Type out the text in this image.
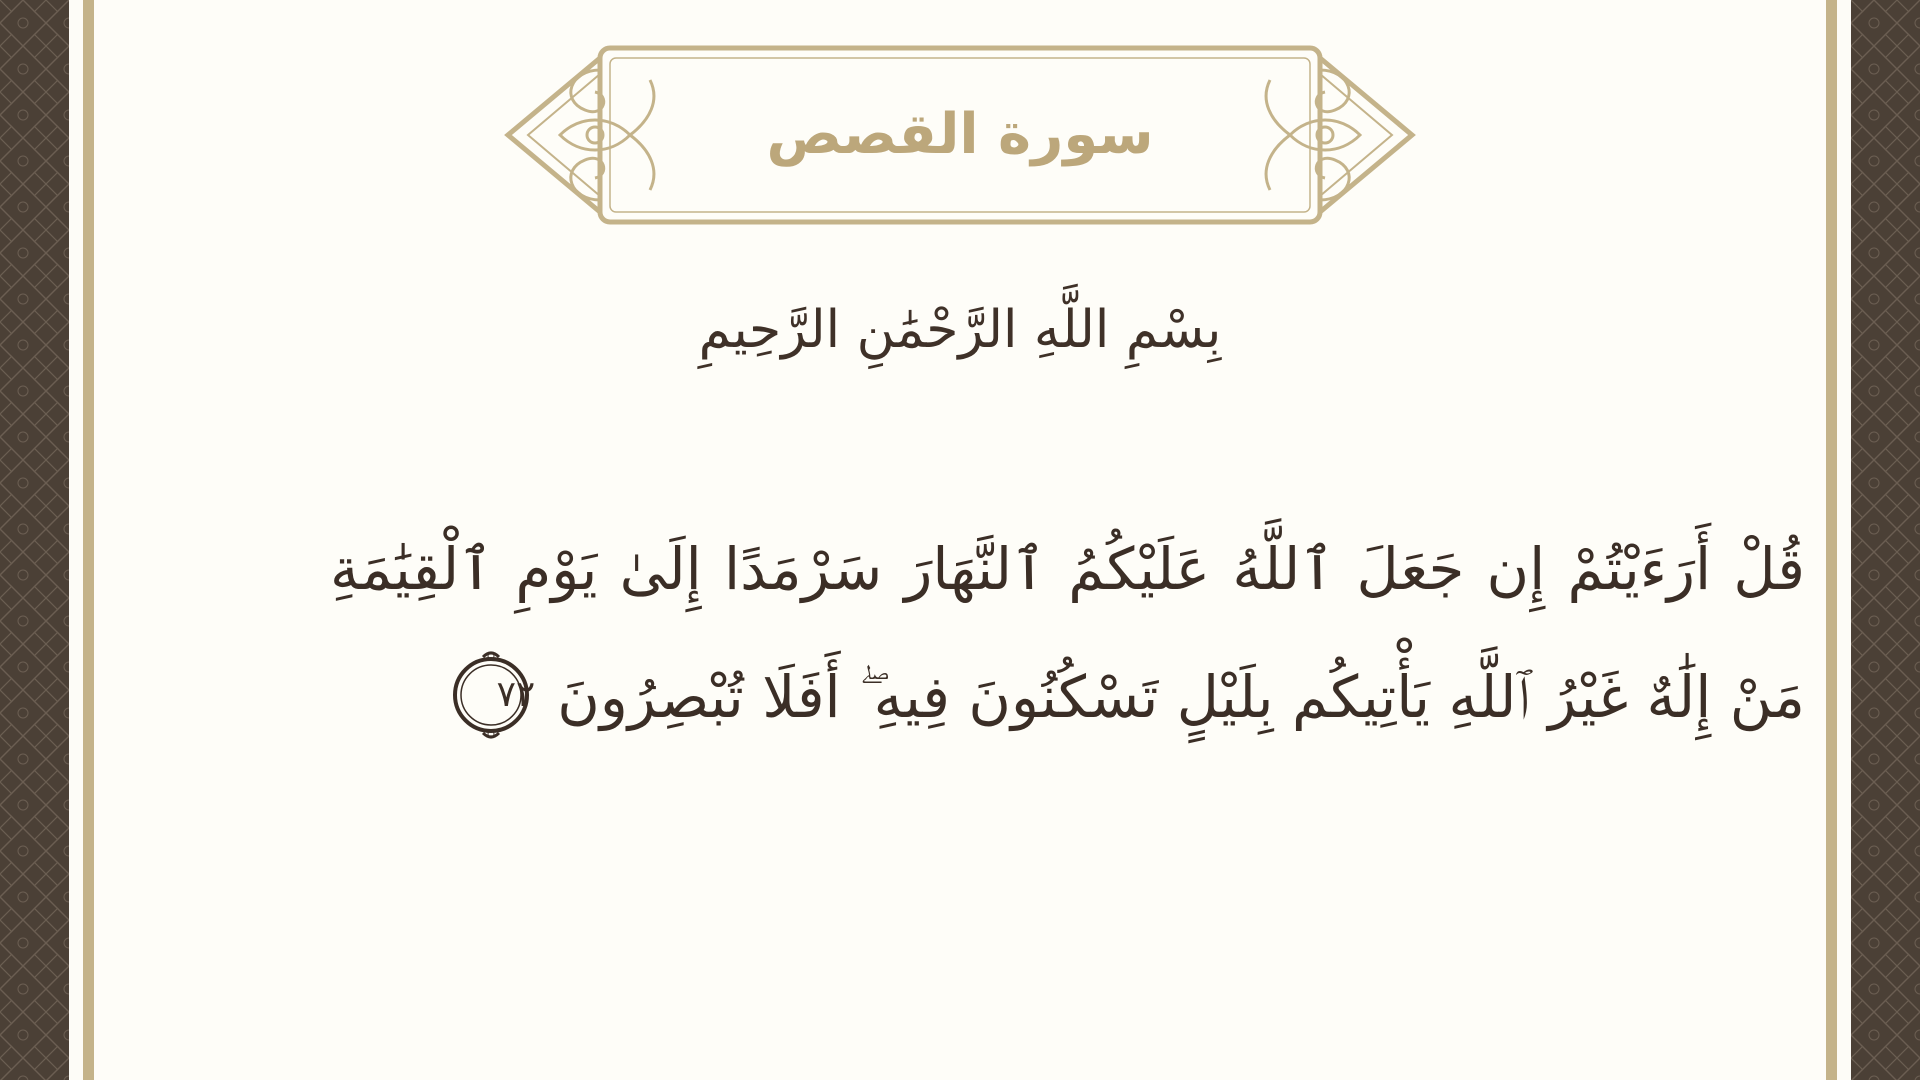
سورة القصص
بِسْمِ اللَّهِ الرَّحْمَٰنِ الرَّحِيمِ
قُلْ أَرَءَيْتُمْ إِن جَعَلَ ٱللَّهُ عَلَيْكُمُ ٱلنَّهَارَ سَرْمَدًا إِلَىٰ يَوْمِ ٱلْقِيَٰمَةِ
مَنْ إِلَٰهٌ غَيْرُ ٱللَّهِ يَأْتِيكُم بِلَيْلٍ تَسْكُنُونَ فِيهِ ۖ أَفَلَا تُبْصِرُونَ
٧٢
